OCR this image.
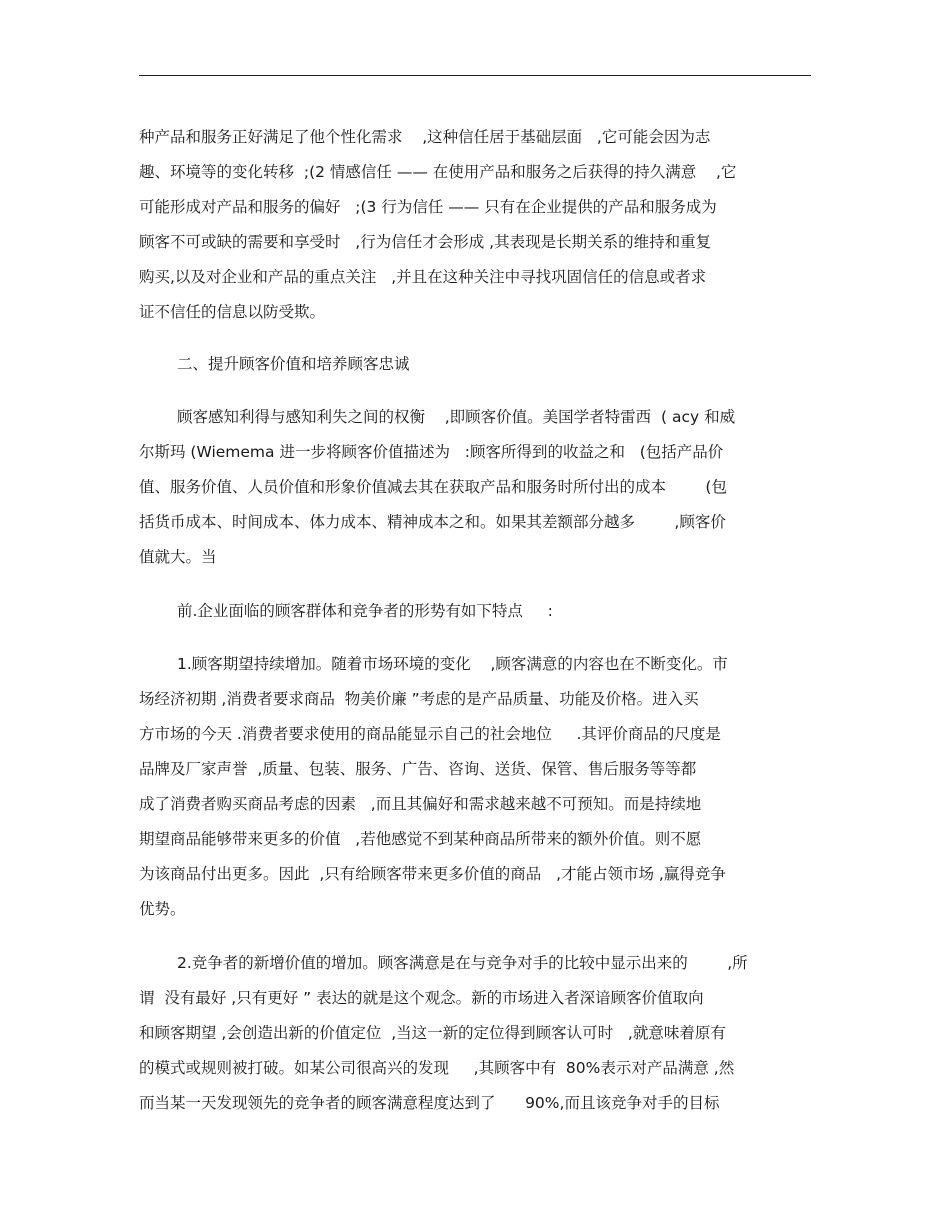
种产品和服务正好满足了他个性化需求    ,这种信任居于基础层面   ,它可能会因为志
趣、环境等的变化转移  ;(2 情感信任 —— 在使用产品和服务之后获得的持久满意    ,它
可能形成对产品和服务的偏好   ;(3 行为信任 —— 只有在企业提供的产品和服务成为
顾客不可或缺的需要和享受时   ,行为信任才会形成 ,其表现是长期关系的维持和重复
购买,以及对企业和产品的重点关注   ,并且在这种关注中寻找巩固信任的信息或者求
证不信任的信息以防受欺。
二、提升顾客价值和培养顾客忠诚
顾客感知利得与感知利失之间的权衡    ,即顾客价值。美国学者特雷西  ( acy 和威
尔斯玛 (Wiemema 进一步将顾客价值描述为   :顾客所得到的收益之和   (包括产品价
值、服务价值、人员价值和形象价值减去其在获取产品和服务时所付出的成本        (包
括货币成本、时间成本、体力成本、精神成本之和。如果其差额部分越多        ,顾客价
值就大。当
前.企业面临的顾客群体和竞争者的形势有如下特点     :
1.顾客期望持续增加。随着市场环境的变化    ,顾客满意的内容也在不断变化。市
场经济初期 ,消费者要求商品  物美价廉 ”考虑的是产品质量、功能及价格。进入买
方市场的今天 .消费者要求使用的商品能显示自己的社会地位     .其评价商品的尺度是
品牌及厂家声誉  ,质量、包装、服务、广告、咨询、送货、保管、售后服务等等都
成了消费者购买商品考虑的因素   ,而且其偏好和需求越来越不可预知。而是持续地
期望商品能够带来更多的价值   ,若他感觉不到某种商品所带来的额外价值。则不愿
为该商品付出更多。因此  ,只有给顾客带来更多价值的商品   ,才能占领市场 ,赢得竞争
优势。
2.竞争者的新增价值的增加。顾客满意是在与竞争对手的比较中显示出来的        ,所
谓  没有最好 ,只有更好 ” 表达的就是这个观念。新的市场进入者深谙顾客价值取向
和顾客期望 ,会创造出新的价值定位  ,当这一新的定位得到顾客认可时   ,就意味着原有
的模式或规则被打破。如某公司很高兴的发现     ,其顾客中有  80%表示对产品满意 ,然
而当某一天发现领先的竞争者的顾客满意程度达到了      90%,而且该竞争对手的目标
